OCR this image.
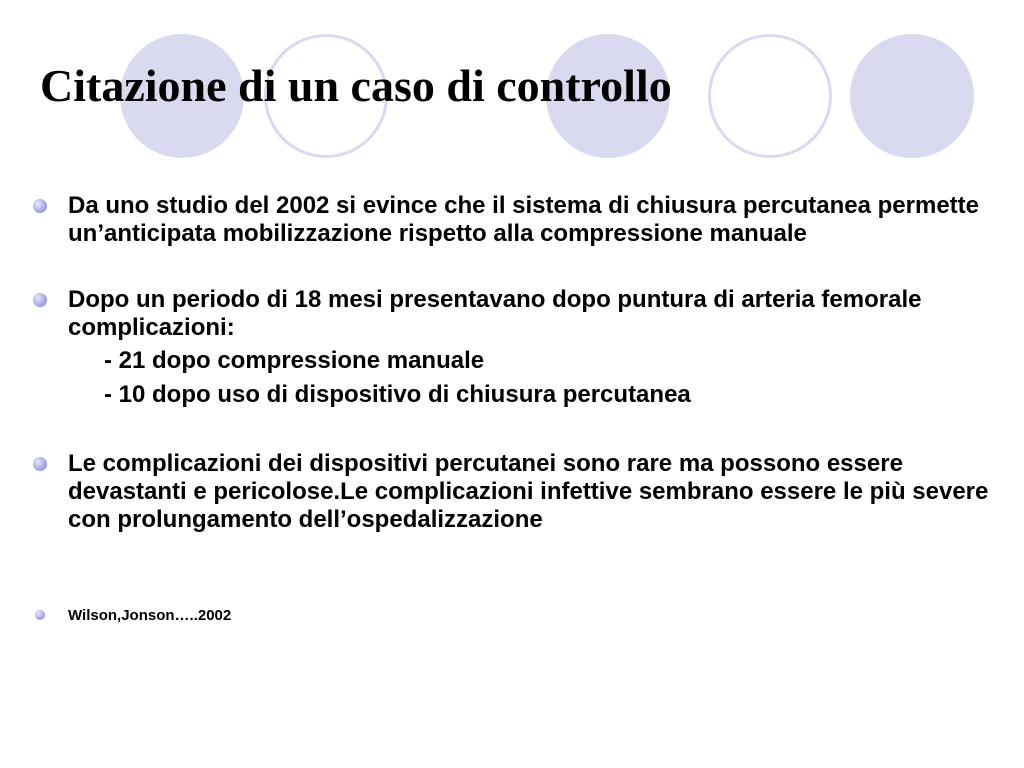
Citazione di un caso di controllo
Da uno studio del 2002 si evince che il sistema di chiusura percutanea permette un’anticipata mobilizzazione rispetto alla compressione manuale
Dopo un periodo di 18 mesi presentavano dopo puntura di arteria femorale complicazioni:
- 21 dopo compressione manuale
- 10 dopo uso di dispositivo di chiusura percutanea
Le complicazioni dei dispositivi percutanei sono rare ma possono essere devastanti e pericolose.Le complicazioni infettive sembrano essere le più severe con prolungamento dell’ospedalizzazione
Wilson,Jonson…..2002
